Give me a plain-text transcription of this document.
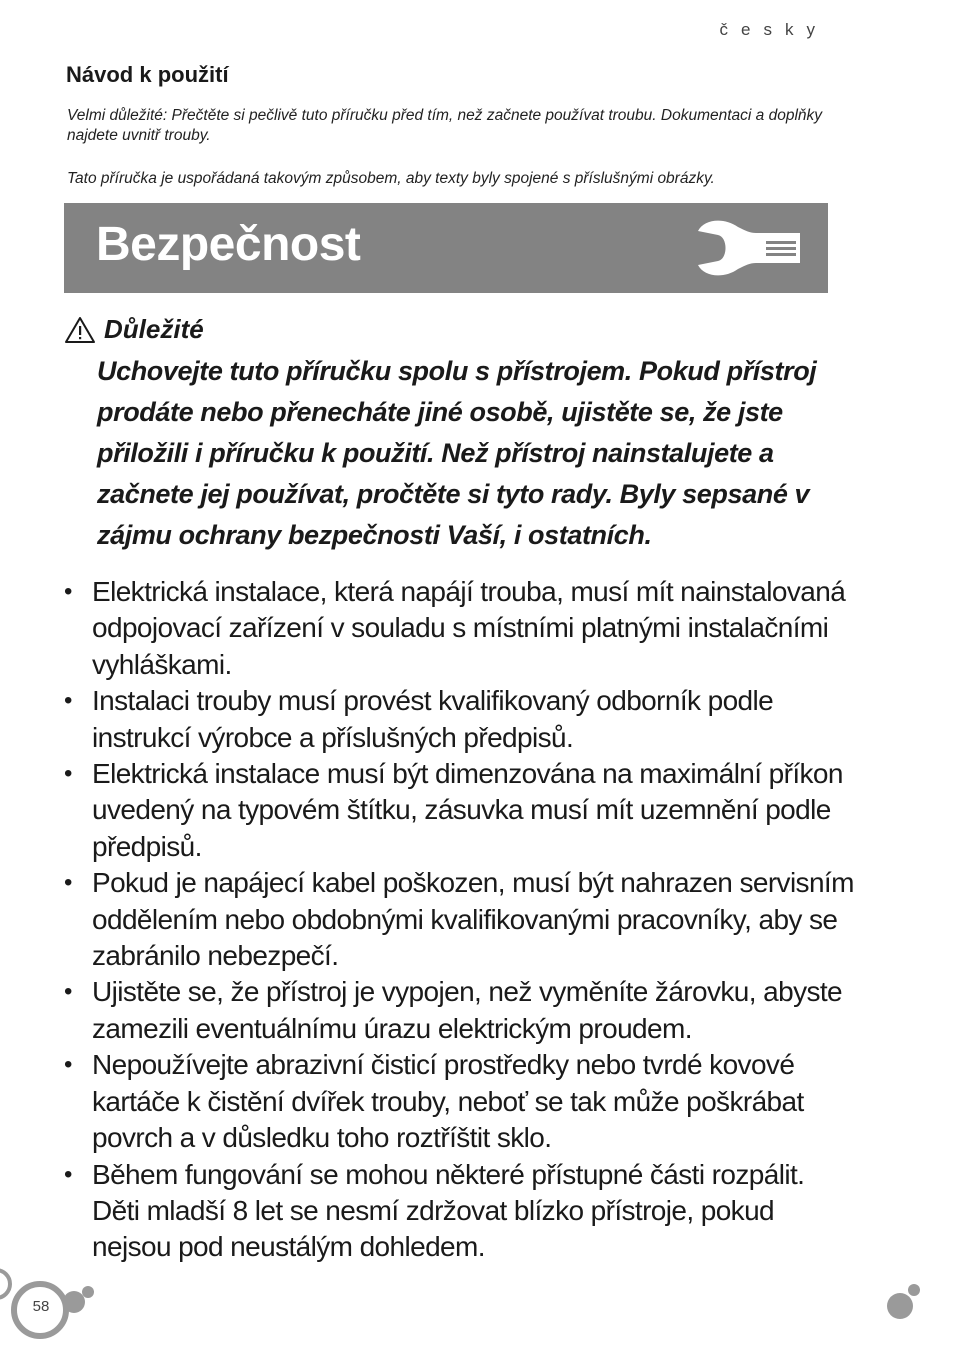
česky
Návod k použití
Velmi důležité: Přečtěte si pečlivě tuto příručku před tím, než začnete používat troubu. Dokumentaci a doplňky najdete uvnitř trouby.
Tato příručka je uspořádaná takovým způsobem, aby texty byly spojené s příslušnými obrázky.
Bezpečnost
Důležité
Uchovejte tuto příručku spolu s přístrojem. Pokud přístroj prodáte nebo přenecháte jiné osobě, ujistěte se, že jste přiložili i příručku k použití. Než přístroj nainstalujete a začnete jej používat, pročtěte si tyto rady. Byly sepsané v zájmu ochrany bezpečnosti Vaší, i ostatních.
• Elektrická instalace, která napájí trouba, musí mít nainstalovaná odpojovací zařízení v souladu s místními platnými instalačními vyhláškami.
• Instalaci trouby musí provést kvalifikovaný odborník podle instrukcí výrobce a příslušných předpisů.
• Elektrická instalace musí být dimenzována na maximální příkon uvedený na typovém štítku, zásuvka musí mít uzemnění podle předpisů.
• Pokud je napájecí kabel poškozen, musí být nahrazen servisním oddělením nebo obdobnými kvalifikovanými pracovníky, aby se zabránilo nebezpečí.
• Ujistěte se, že přístroj je vypojen, než vyměníte žárovku, abyste zamezili eventuálnímu úrazu elektrickým proudem.
• Nepoužívejte abrazivní čisticí prostředky nebo tvrdé kovové kartáče k čistění dvířek trouby, neboť se tak může poškrábat povrch a v důsledku toho roztříštit sklo.
• Během fungování se mohou některé přístupné části rozpálit. Děti mladší 8 let se nesmí zdržovat blízko přístroje, pokud nejsou pod neustálým dohledem.
58
